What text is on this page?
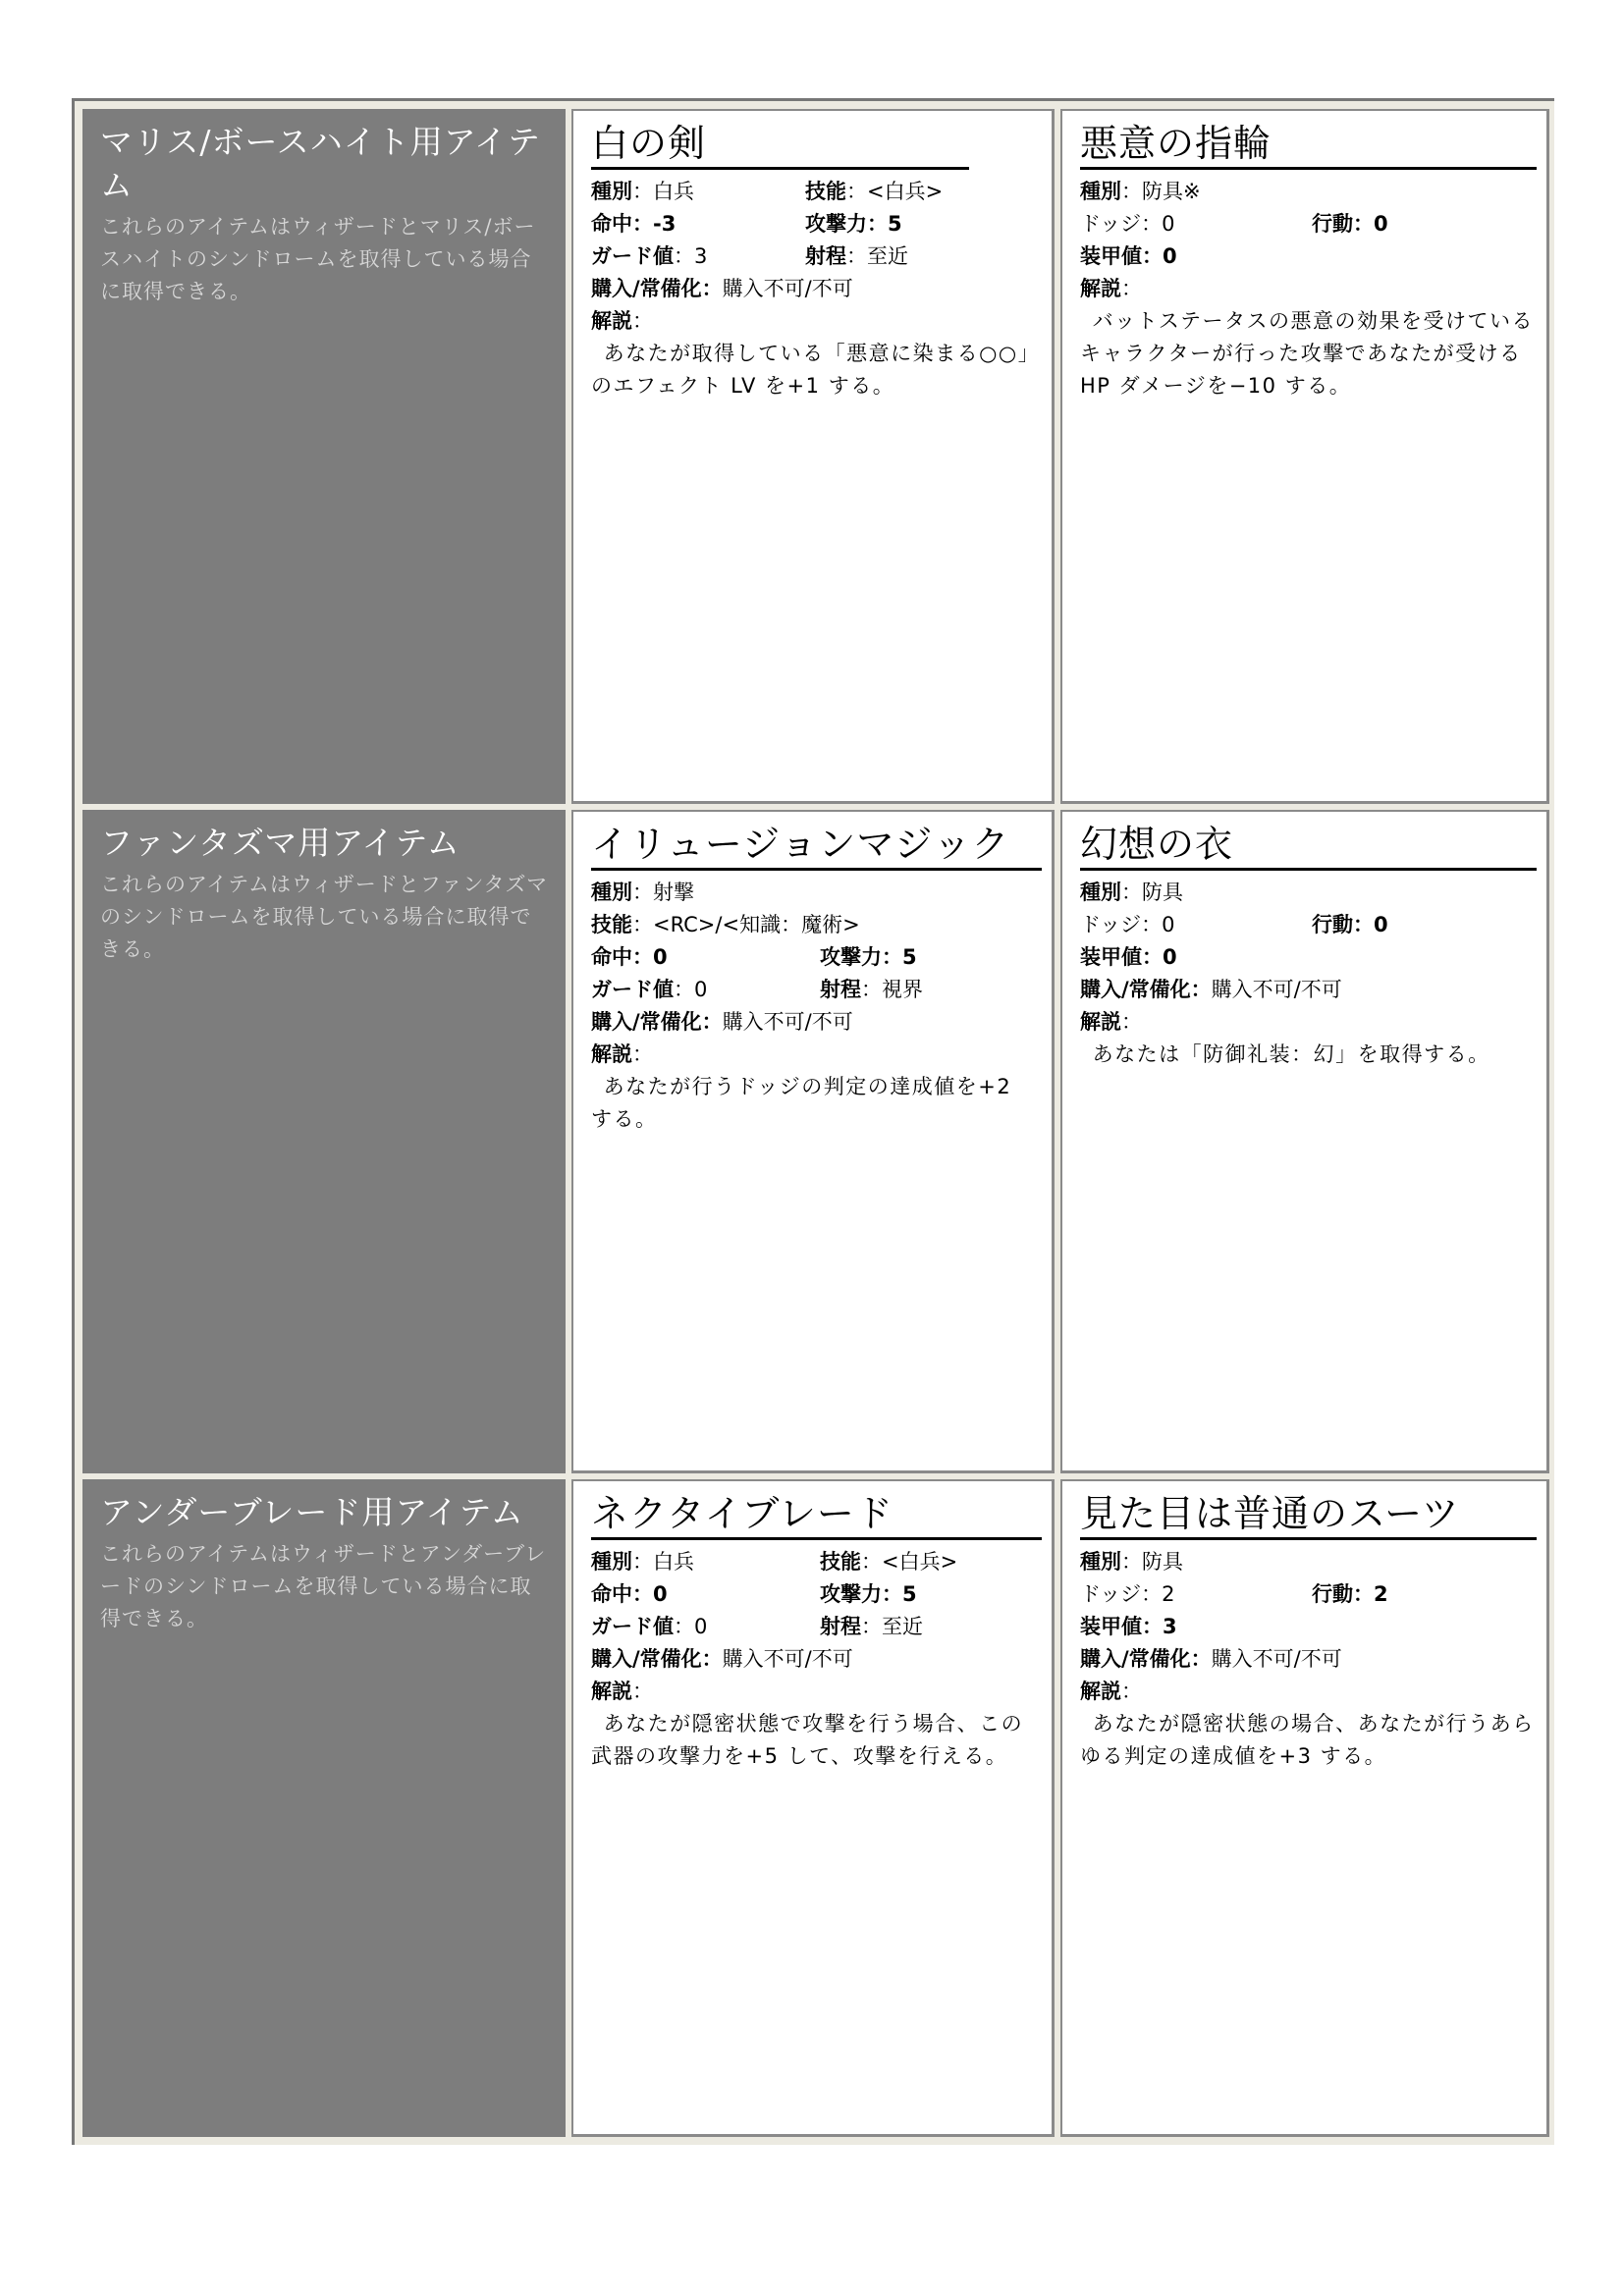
マリス/ボースハイト用アイテム
これらのアイテムはウィザードとマリス/ボースハイトのシンドロームを取得している場合に取得できる。
白の剣
種別：白兵	技能：<白兵>
命中：-3	攻撃力：5
ガード値：3	射程：至近
購入/常備化 ： 購入不可/不可
解説：
あなたが取得している「悪意に染まる○○」のエフェクト LV を+1 する。
悪意の指輪
種別 ： 防具※
ドッジ：0	行動：0
装甲値 ： 0
解説：
バットステータスの悪意の効果を受けているキャラクターが行った攻撃であなたが受ける HP ダメージを−10 する。
ファンタズマ用アイテム
これらのアイテムはウィザードとファンタズマのシンドロームを取得している場合に取得できる。
イリュージョンマジック
種別 ： 射撃
技能 ： <RC>/<知識：魔術>
命中：0	攻撃力：5
ガード値：0	射程：視界
購入/常備化 ： 購入不可/不可
解説：
あなたが行うドッジの判定の達成値を+2 する。
幻想の衣
種別 ： 防具
ドッジ：0	行動：0
装甲値 ： 0
購入/常備化 ： 購入不可/不可
解説：
あなたは「防御礼装：幻」を取得する。
アンダーブレード用アイテム
これらのアイテムはウィザードとアンダーブレードのシンドロームを取得している場合に取得できる。
ネクタイブレード
種別：白兵	技能：<白兵>
命中：0	攻撃力：5
ガード値：0	射程：至近
購入/常備化 ： 購入不可/不可
解説：
あなたが隠密状態で攻撃を行う場合、この武器の攻撃力を+5 して、攻撃を行える。
見た目は普通のスーツ
種別 ： 防具
ドッジ：2	行動：2
装甲値 ： 3
購入/常備化 ： 購入不可/不可
解説：
あなたが隠密状態の場合、あなたが行うあらゆる判定の達成値を+3 する。
